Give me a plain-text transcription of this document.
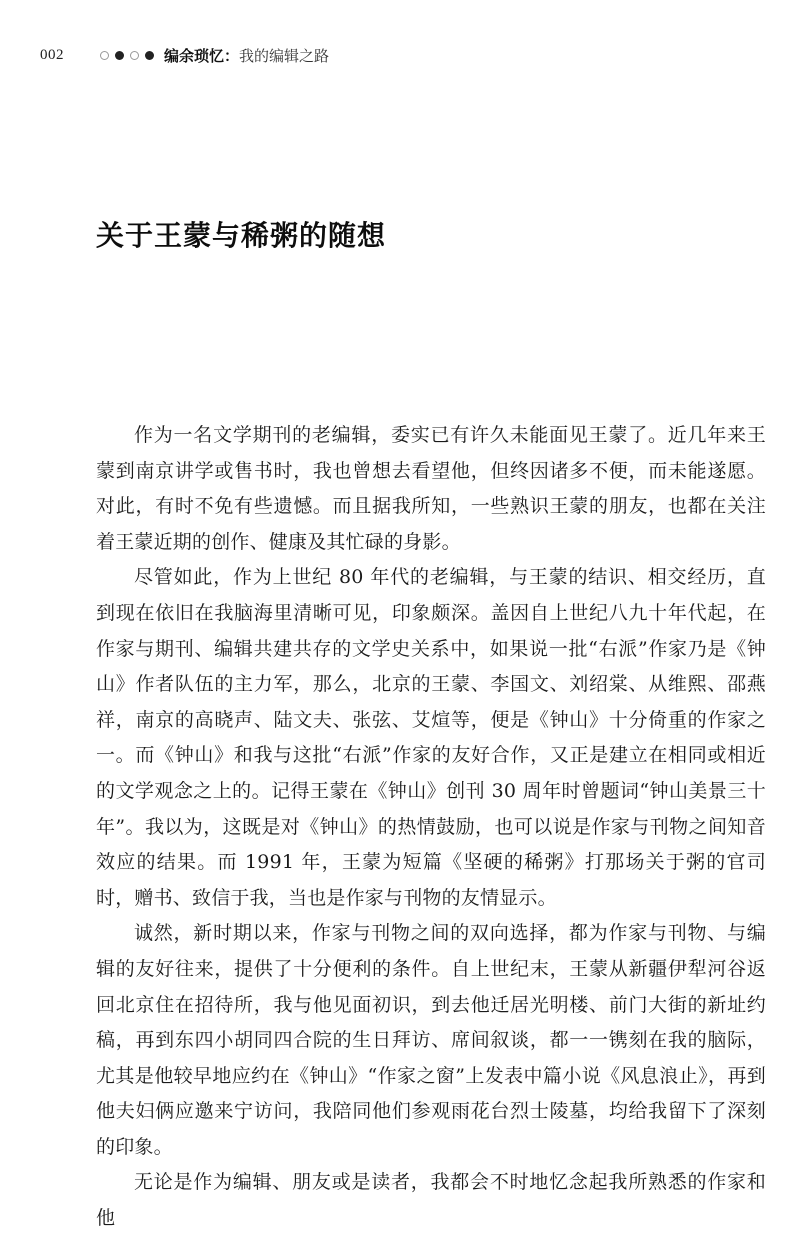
002	编余琐忆： 我的编辑之路
关于王蒙与稀粥的随想

作为一名文学期刊的老编辑，委实已有许久未能面见王蒙了。近几年来王蒙到南京讲学或售书时，我也曾想去看望他，但终因诸多不便，而未能遂愿。对此，有时不免有些遗憾。而且据我所知，一些熟识王蒙的朋友，也都在关注着王蒙近期的创作、健康及其忙碌的身影。

尽管如此，作为上世纪 80 年代的老编辑，与王蒙的结识、相交经历，直到现在依旧在我脑海里清晰可见，印象颇深。盖因自上世纪八九十年代起，在作家与期刊、编辑共建共存的文学史关系中，如果说一批“右派”作家乃是《钟山》作者队伍的主力军，那么，北京的王蒙、李国文、刘绍棠、从维熙、邵燕祥，南京的高晓声、陆文夫、张弦、艾煊等，便是《钟山》十分倚重的作家之一。而《钟山》和我与这批“右派”作家的友好合作，又正是建立在相同或相近的文学观念之上的。记得王蒙在《钟山》创刊 30 周年时曾题词“钟山美景三十年”。我以为，这既是对《钟山》的热情鼓励，也可以说是作家与刊物之间知音效应的结果。而 1991 年，王蒙为短篇《坚硬的稀粥》打那场关于粥的官司时，赠书、致信于我，当也是作家与刊物的友情显示。

诚然，新时期以来，作家与刊物之间的双向选择，都为作家与刊物、与编辑的友好往来，提供了十分便利的条件。自上世纪末，王蒙从新疆伊犁河谷返回北京住在招待所，我与他见面初识，到去他迁居光明楼、前门大街的新址约稿，再到东四小胡同四合院的生日拜访、席间叙谈，都一一镌刻在我的脑际，尤其是他较早地应约在《钟山》“作家之窗”上发表中篇小说《风息浪止》，再到他夫妇俩应邀来宁访问，我陪同他们参观雨花台烈士陵墓，均给我留下了深刻的印象。

无论是作为编辑、朋友或是读者，我都会不时地忆念起我所熟悉的作家和他
